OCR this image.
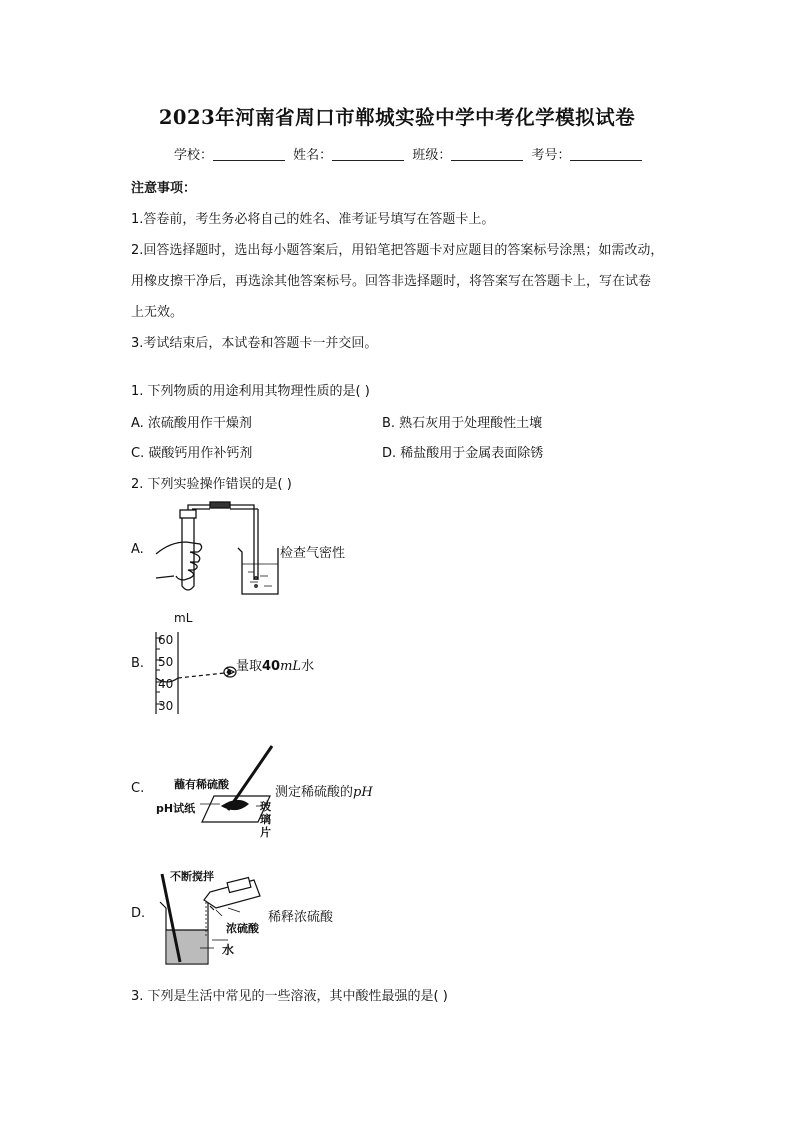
2023年河南省周口市郸城实验中学中考化学模拟试卷
学校：	姓名：	班级：	考号：
注意事项：
1.答卷前，考生务必将自己的姓名、准考证号填写在答题卡上。
2.回答选择题时，选出每小题答案后，用铅笔把答题卡对应题目的答案标号涂黑；如需改动，
用橡皮擦干净后，再选涂其他答案标号。回答非选择题时，将答案写在答题卡上，写在试卷
上无效。
3.考试结束后，本试卷和答题卡一并交回。
1. 下列物质的用途利用其物理性质的是( )
A. 浓硫酸用作干燥剂	B. 熟石灰用于处理酸性土壤
C. 碳酸钙用作补钙剂	D. 稀盐酸用于金属表面除锈
2. 下列实验操作错误的是( )
A.	检查气密性
B.
mL
60
50
40
30
量取40mL水
C.	蘸有稀硫酸
pH试纸	玻
璃
片
测定稀硫酸的pH
D.
不断搅拌
浓硫酸
水
稀释浓硫酸
3. 下列是生活中常见的一些溶液，其中酸性最强的是( )
